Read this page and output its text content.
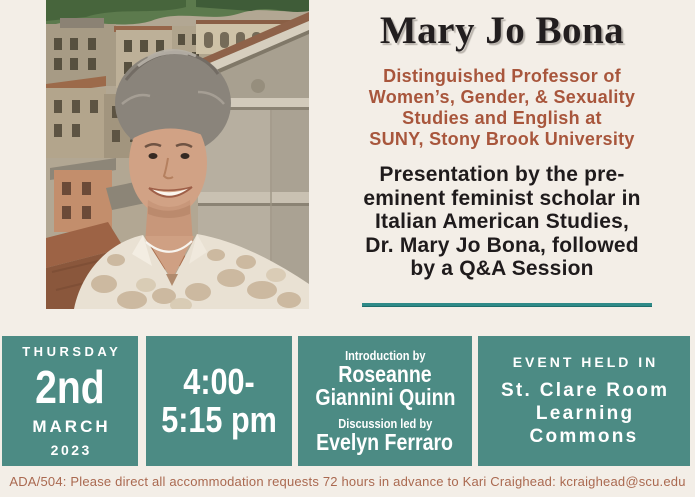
Mary Jo Bona
Distinguished Professor of
Women’s, Gender, & Sexuality
Studies and English at
SUNY, Stony Brook University
Presentation by the pre-
eminent feminist scholar in
Italian American Studies,
Dr. Mary Jo Bona, followed
by a Q&A Session
THURSDAY
2nd
MARCH
2023
4:00-
5:15 pm
Introduction by
Roseanne
Giannini Quinn
Discussion led by
Evelyn Ferraro
EVENT HELD IN
St. Clare Room
Learning Commons
ADA/504: Please direct all accommodation requests 72 hours in advance to Kari Craighead: kcraighead@scu.edu
